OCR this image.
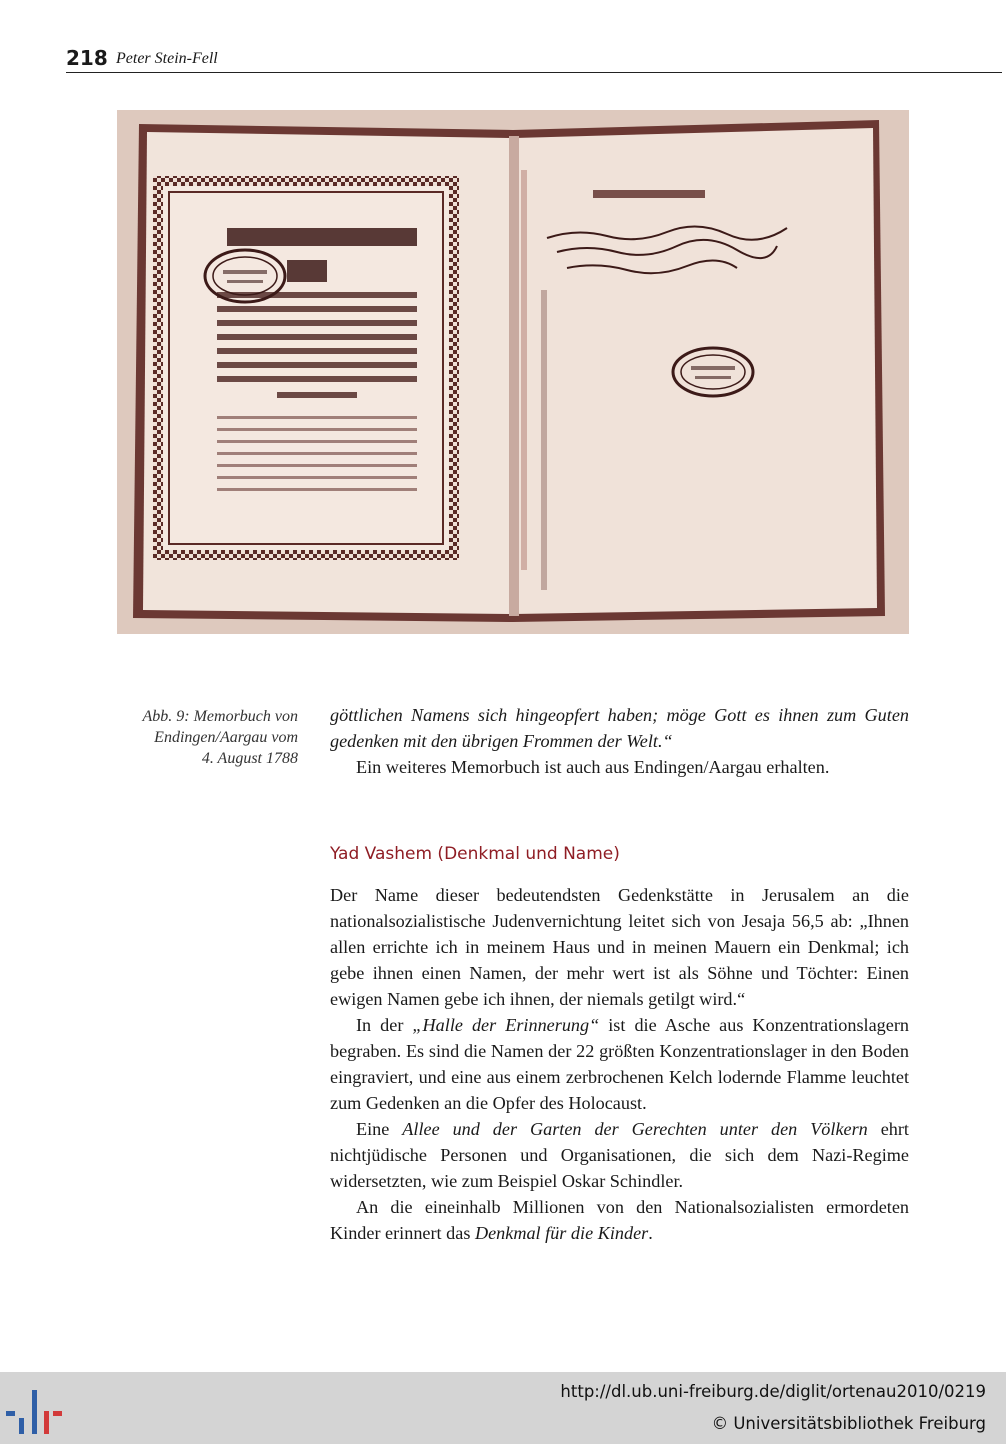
218 Peter Stein-Fell
Abb. 9: Memorbuch von
Endingen/Aargau vom
4. August 1788

göttlichen Namens sich hingeopfert haben; möge Gott es ihnen zum Guten gedenken mit den übrigen Frommen der Welt.“

Ein weiteres Memorbuch ist auch aus Endingen/Aargau erhalten.

Yad Vashem (Denkmal und Name)

Der Name dieser bedeutendsten Gedenkstätte in Jerusalem an die nationalsozialistische Judenvernichtung leitet sich von Jesaja 56,5 ab: „Ihnen allen errichte ich in meinem Haus und in meinen Mauern ein Denkmal; ich gebe ihnen einen Namen, der mehr wert ist als Söhne und Töchter: Einen ewigen Namen gebe ich ihnen, der niemals getilgt wird.“

In der „Halle der Erinnerung“ ist die Asche aus Konzentrationslagern begraben. Es sind die Namen der 22 größten Konzentrationslager in den Boden eingraviert, und eine aus einem zerbrochenen Kelch lodernde Flamme leuchtet zum Gedenken an die Opfer des Holocaust.

Eine Allee und der Garten der Gerechten unter den Völkern ehrt nichtjüdische Personen und Organisationen, die sich dem Nazi-Regime widersetzten, wie zum Beispiel Oskar Schindler.

An die eineinhalb Millionen von den Nationalsozialisten ermordeten Kinder erinnert das Denkmal für die Kinder.

http://dl.ub.uni-freiburg.de/diglit/ortenau2010/0219
© Universitätsbibliothek Freiburg
